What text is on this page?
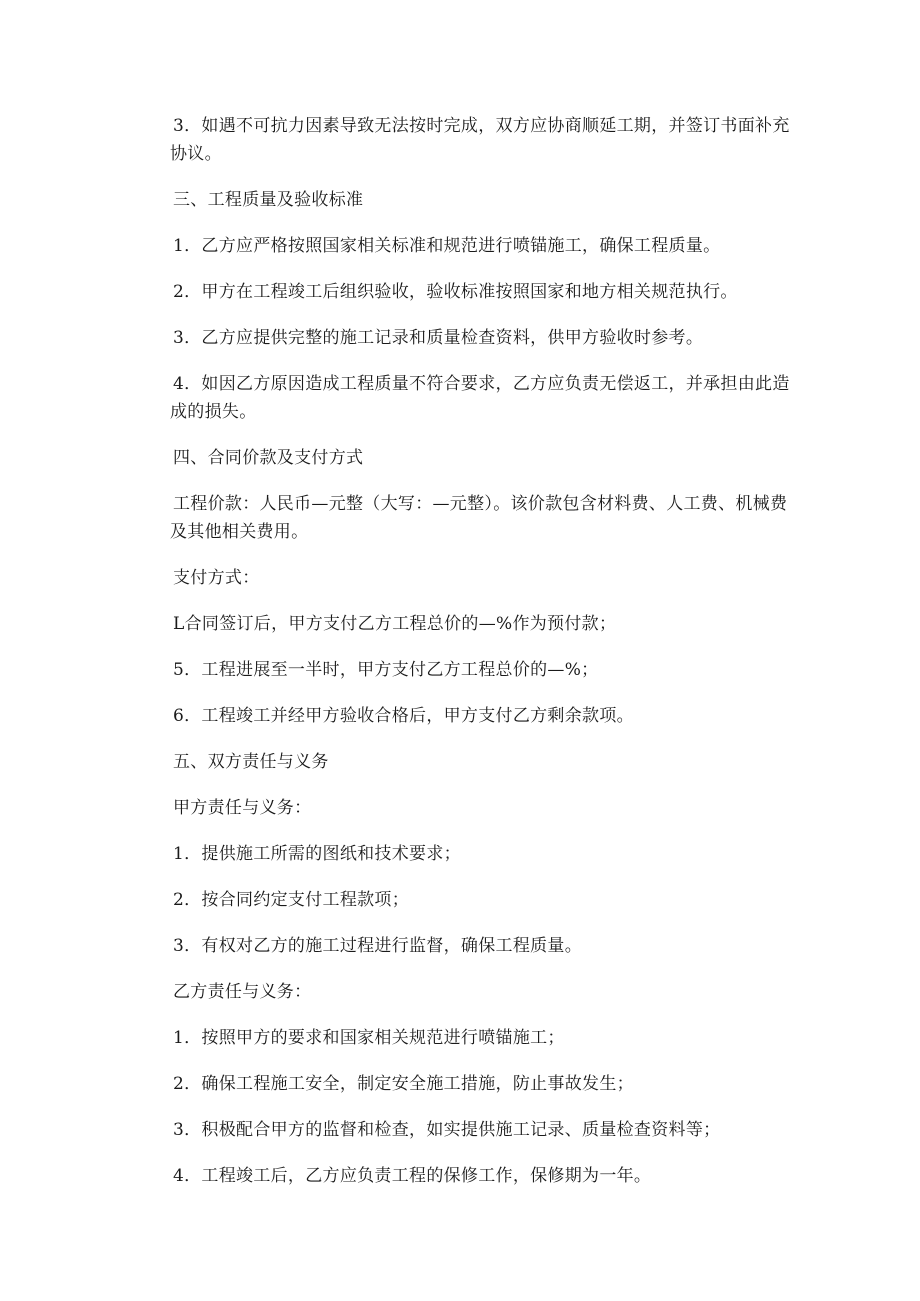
3．如遇不可抗力因素导致无法按时完成，双方应协商顺延工期，并签订书面补充
协议。

三、工程质量及验收标准

1．乙方应严格按照国家相关标准和规范进行喷锚施工，确保工程质量。

2．甲方在工程竣工后组织验收，验收标准按照国家和地方相关规范执行。

3．乙方应提供完整的施工记录和质量检查资料，供甲方验收时参考。

4．如因乙方原因造成工程质量不符合要求，乙方应负责无偿返工，并承担由此造
成的损失。

四、合同价款及支付方式

工程价款：人民币—元整（大写：—元整）。该价款包含材料费、人工费、机械费
及其他相关费用。

支付方式：

L合同签订后，甲方支付乙方工程总价的—%作为预付款；

5．工程进展至一半时，甲方支付乙方工程总价的—%；

6．工程竣工并经甲方验收合格后，甲方支付乙方剩余款项。

五、双方责任与义务

甲方责任与义务：

1．提供施工所需的图纸和技术要求；

2．按合同约定支付工程款项；

3．有权对乙方的施工过程进行监督，确保工程质量。

乙方责任与义务：

1．按照甲方的要求和国家相关规范进行喷锚施工；

2．确保工程施工安全，制定安全施工措施，防止事故发生；

3．积极配合甲方的监督和检查，如实提供施工记录、质量检查资料等；

4．工程竣工后，乙方应负责工程的保修工作，保修期为一年。
